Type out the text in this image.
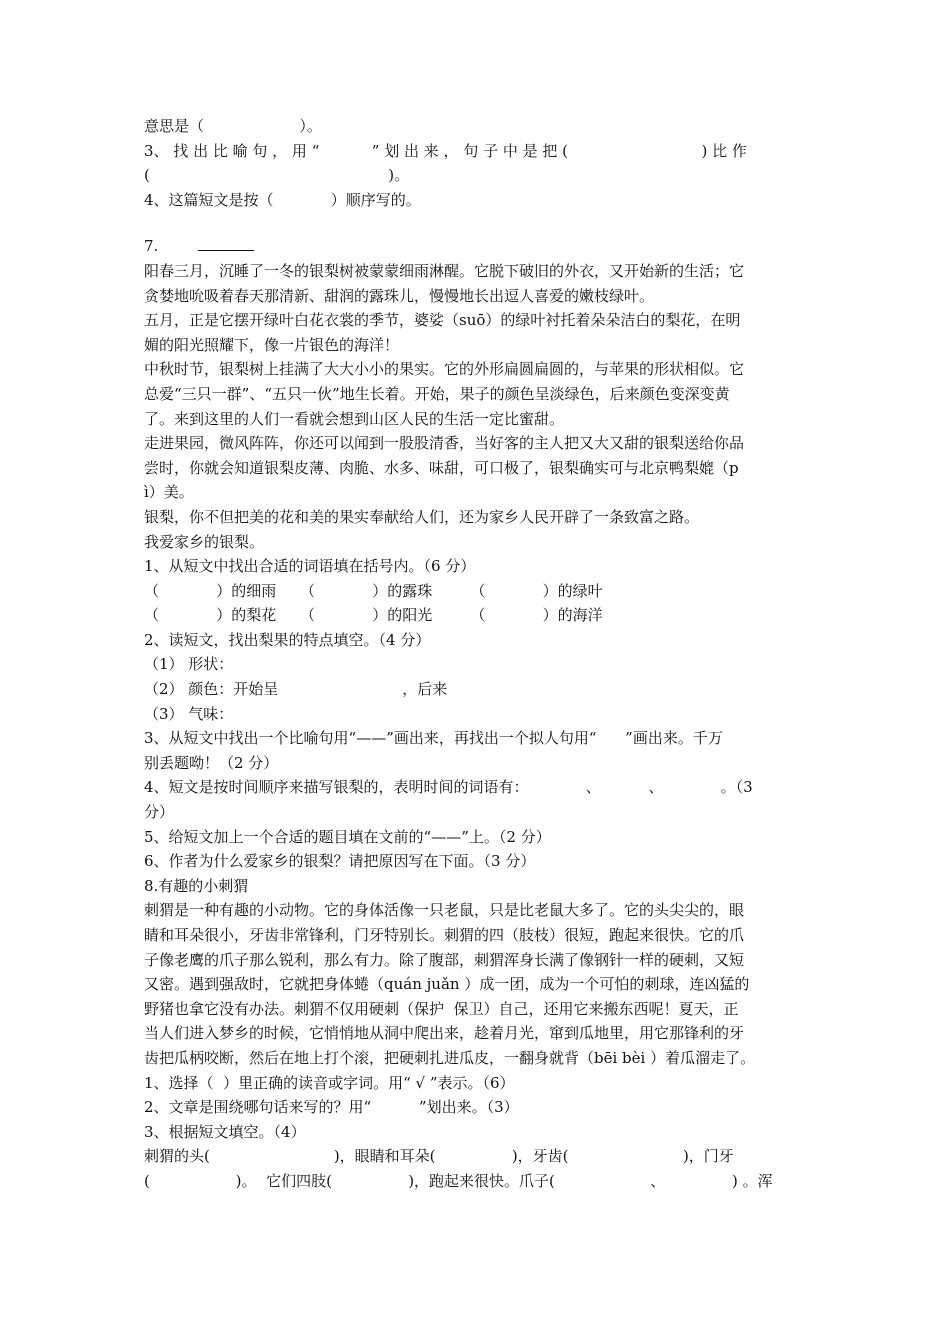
意思是（                    ）。
3、 找 出 比 喻 句 ， 用 “           ” 划 出 来 ， 句 子 中 是 把 (                            ) 比 作
(                                                  )。
4、这篇短文是按（            ）顺序写的。
7.
阳春三月，沉睡了一冬的银梨树被蒙蒙细雨淋醒。它脱下破旧的外衣，又开始新的生活；它
贪婪地吮吸着春天那清新、甜润的露珠儿，慢慢地长出逗人喜爱的嫩枝绿叶。
五月，正是它摆开绿叶白花衣裳的季节，婆娑（suō）的绿叶衬托着朵朵洁白的梨花，在明
媚的阳光照耀下，像一片银色的海洋！
中秋时节，银梨树上挂满了大大小小的果实。它的外形扁圆扁圆的，与苹果的形状相似。它
总爱“三只一群”、“五只一伙”地生长着。开始，果子的颜色呈淡绿色，后来颜色变深变黄
了。来到这里的人们一看就会想到山区人民的生活一定比蜜甜。
走进果园，微风阵阵，你还可以闻到一股股清香，当好客的主人把又大又甜的银梨送给你品
尝时，你就会知道银梨皮薄、肉脆、水多、味甜，可口极了，银梨确实可与北京鸭梨媲（p
ì）美。
银梨，你不但把美的花和美的果实奉献给人们，还为家乡人民开辟了一条致富之路。
我爱家乡的银梨。
1、从短文中找出合适的词语填在括号内。（6 分）
（            ）的细雨     （            ）的露珠        （            ）的绿叶
（            ）的梨花     （            ）的阳光        （            ）的海洋
2、读短文，找出梨果的特点填空。（4 分）
（1） 形状：
（2） 颜色：开始呈                          ，后来
（3） 气味：
3、从短文中找出一个比喻句用“——”画出来，再找出一个拟人句用“      ”画出来。千万
别丢题呦！（2 分）
4、短文是按时间顺序来描写银梨的，表明时间的词语有：            、          、            。（3
分）
5、给短文加上一个合适的题目填在文前的“——”上。（2 分）
6、作者为什么爱家乡的银梨？请把原因写在下面。（3 分）
8.有趣的小刺猬
刺猬是一种有趣的小动物。它的身体活像一只老鼠，只是比老鼠大多了。它的头尖尖的，眼
睛和耳朵很小，牙齿非常锋利，门牙特别长。刺猬的四（肢枝）很短，跑起来很快。它的爪
子像老鹰的爪子那么锐利，那么有力。除了腹部，刺猬浑身长满了像钢针一样的硬刺，又短
又密。遇到强敌时，它就把身体蜷（quán juǎn ）成一团，成为一个可怕的刺球，连凶猛的
野猪也拿它没有办法。刺猬不仅用硬刺（保护  保卫）自己，还用它来搬东西呢！夏天，正
当人们进入梦乡的时候，它悄悄地从洞中爬出来，趁着月光，窜到瓜地里，用它那锋利的牙
齿把瓜柄咬断，然后在地上打个滚，把硬刺扎进瓜皮，一翻身就背（bēi bèi ）着瓜溜走了。
1、选择（  ）里正确的读音或字词。用“ √ ”表示。（6）
2、文章是围绕哪句话来写的？用“          ”划出来。（3）
3、根据短文填空。（4）
刺猬的头(                          )，眼睛和耳朵(                )，牙齿(                        )，门牙
(                  )。  它们四肢(                )，跑起来很快。爪子(                    、              ) 。浑
